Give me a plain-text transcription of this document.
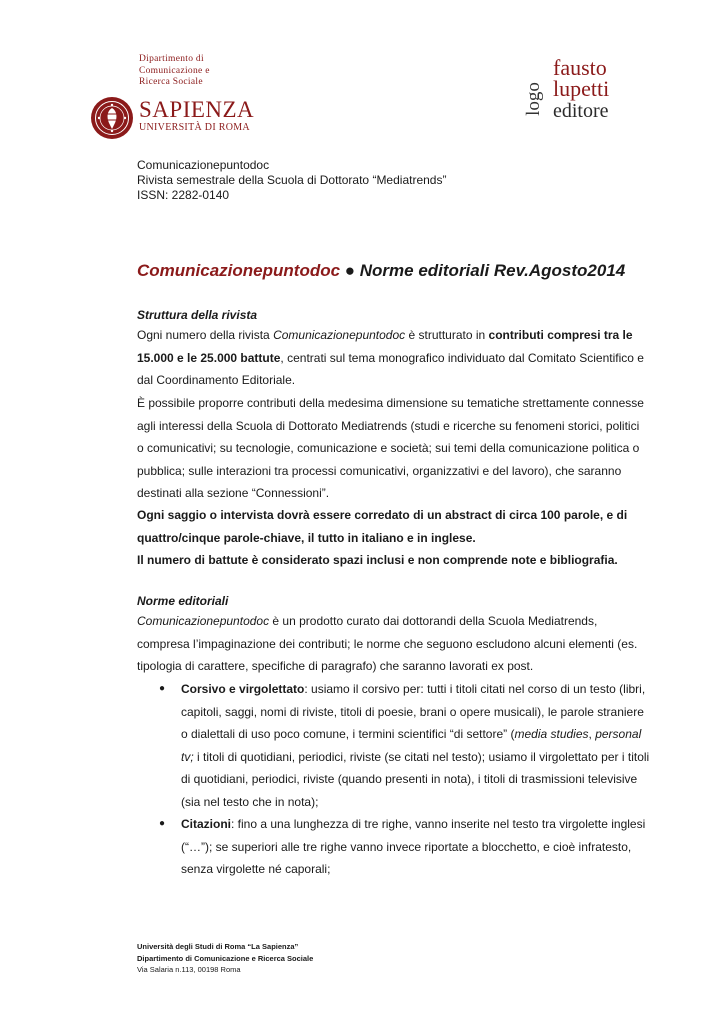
Dipartimento di
Comunicazione e
Ricerca Sociale
SAPIENZA
UNIVERSITÀ DI ROMA
logo
fausto
lupetti
editore
Comunicazionepuntodoc
Rivista semestrale della Scuola di Dottorato “Mediatrends”
ISSN: 2282-0140
Comunicazionepuntodoc ● Norme editoriali Rev.Agosto2014
Struttura della rivista
Ogni numero della rivista Comunicazionepuntodoc è strutturato in contributi compresi tra le 15.000 e le 25.000 battute, centrati sul tema monografico individuato dal Comitato Scientifico e dal Coordinamento Editoriale.
È possibile proporre contributi della medesima dimensione su tematiche strettamente connesse agli interessi della Scuola di Dottorato Mediatrends (studi e ricerche su fenomeni storici, politici o comunicativi; su tecnologie, comunicazione e società; sui temi della comunicazione politica o pubblica; sulle interazioni tra processi comunicativi, organizzativi e del lavoro), che saranno destinati alla sezione “Connessioni”.
Ogni saggio o intervista dovrà essere corredato di un abstract di circa 100 parole, e di quattro/cinque parole-chiave, il tutto in italiano e in inglese.
Il numero di battute è considerato spazi inclusi e non comprende note e bibliografia.
Norme editoriali
Comunicazionepuntodoc è un prodotto curato dai dottorandi della Scuola Mediatrends, compresa l’impaginazione dei contributi; le norme che seguono escludono alcuni elementi (es. tipologia di carattere, specifiche di paragrafo) che saranno lavorati ex post.
● Corsivo e virgolettato: usiamo il corsivo per: tutti i titoli citati nel corso di un testo (libri, capitoli, saggi, nomi di riviste, titoli di poesie, brani o opere musicali), le parole straniere o dialettali di uso poco comune, i termini scientifici “di settore” (media studies, personal tv; i titoli di quotidiani, periodici, riviste (se citati nel testo); usiamo il virgolettato per i titoli di quotidiani, periodici, riviste (quando presenti in nota), i titoli di trasmissioni televisive (sia nel testo che in nota);
● Citazioni: fino a una lunghezza di tre righe, vanno inserite nel testo tra virgolette inglesi (“…”); se superiori alle tre righe vanno invece riportate a blocchetto, e cioè infratesto, senza virgolette né caporali;
Università degli Studi di Roma “La Sapienza”
Dipartimento di Comunicazione e Ricerca Sociale
Via Salaria n.113, 00198 Roma
